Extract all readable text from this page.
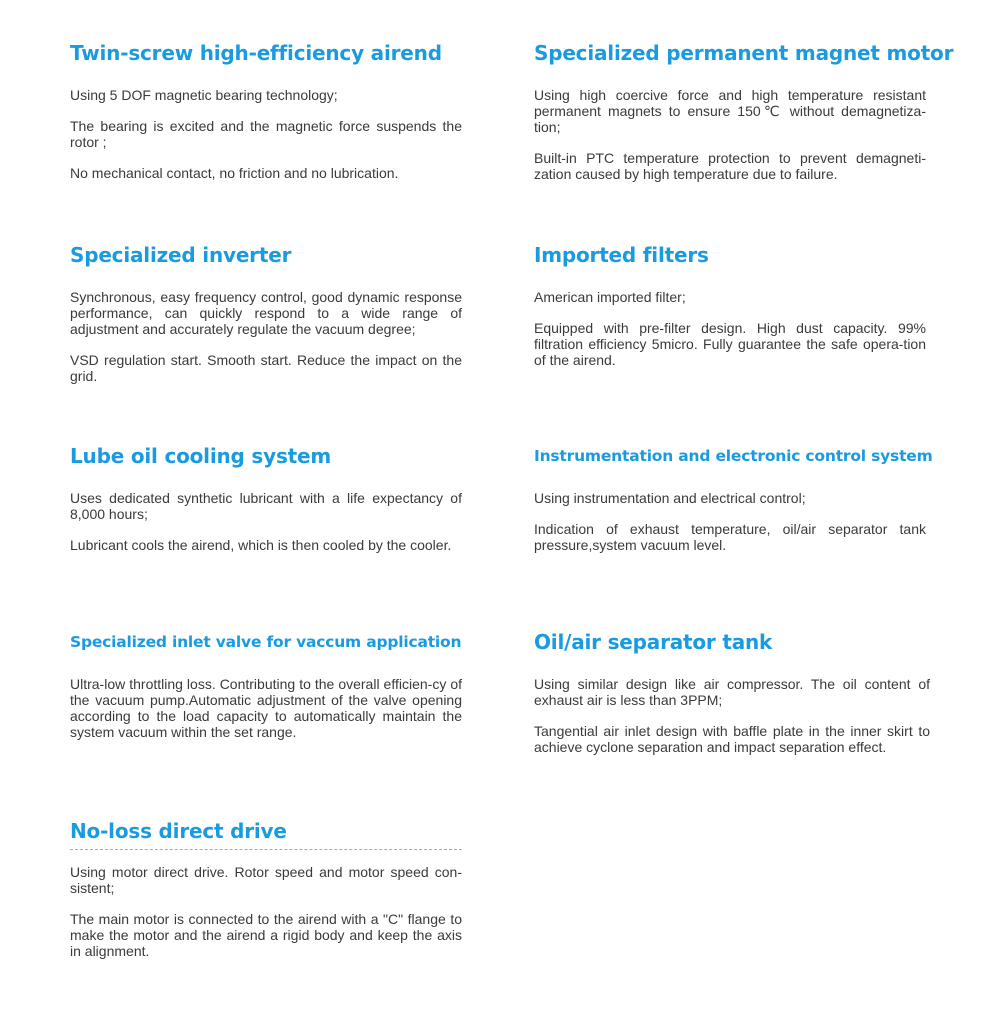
Twin-screw high-efficiency airend

Using 5 DOF magnetic bearing technology;

The bearing is excited and the magnetic force suspends the rotor ;

No mechanical contact, no friction and no lubrication.

Specialized permanent magnet motor

Using high coercive force and high temperature resistant permanent magnets to ensure 150℃ without demagnetiza-tion;

Built-in PTC temperature protection to prevent demagneti-zation caused by high temperature due to failure.

Specialized inverter

Synchronous, easy frequency control, good dynamic response performance, can quickly respond to a wide range of adjustment and accurately regulate the vacuum degree;

VSD regulation start. Smooth start. Reduce the impact on the grid.

Imported filters

American imported filter;

Equipped with pre-filter design. High dust capacity. 99% filtration efficiency 5micro. Fully guarantee the safe opera-tion of the airend.

Lube oil cooling system

Uses dedicated synthetic lubricant with a life expectancy of 8,000 hours;

Lubricant cools the airend, which is then cooled by the cooler.

Instrumentation and electronic control system

Using instrumentation and electrical control;

Indication of exhaust temperature, oil/air separator tank pressure,system vacuum level.

Specialized inlet valve for vaccum application

Ultra-low throttling loss. Contributing to the overall efficien-cy of the vacuum pump.Automatic adjustment of the valve opening according to the load capacity to automatically maintain the system vacuum within the set range.

Oil/air separator tank

Using similar design like air compressor. The oil content of exhaust air is less than 3PPM;

Tangential air inlet design with baffle plate in the inner skirt to achieve cyclone separation and impact separation effect.

No-loss direct drive

Using motor direct drive. Rotor speed and motor speed con-sistent;

The main motor is connected to the airend with a "C" flange to make the motor and the airend a rigid body and keep the axis in alignment.
